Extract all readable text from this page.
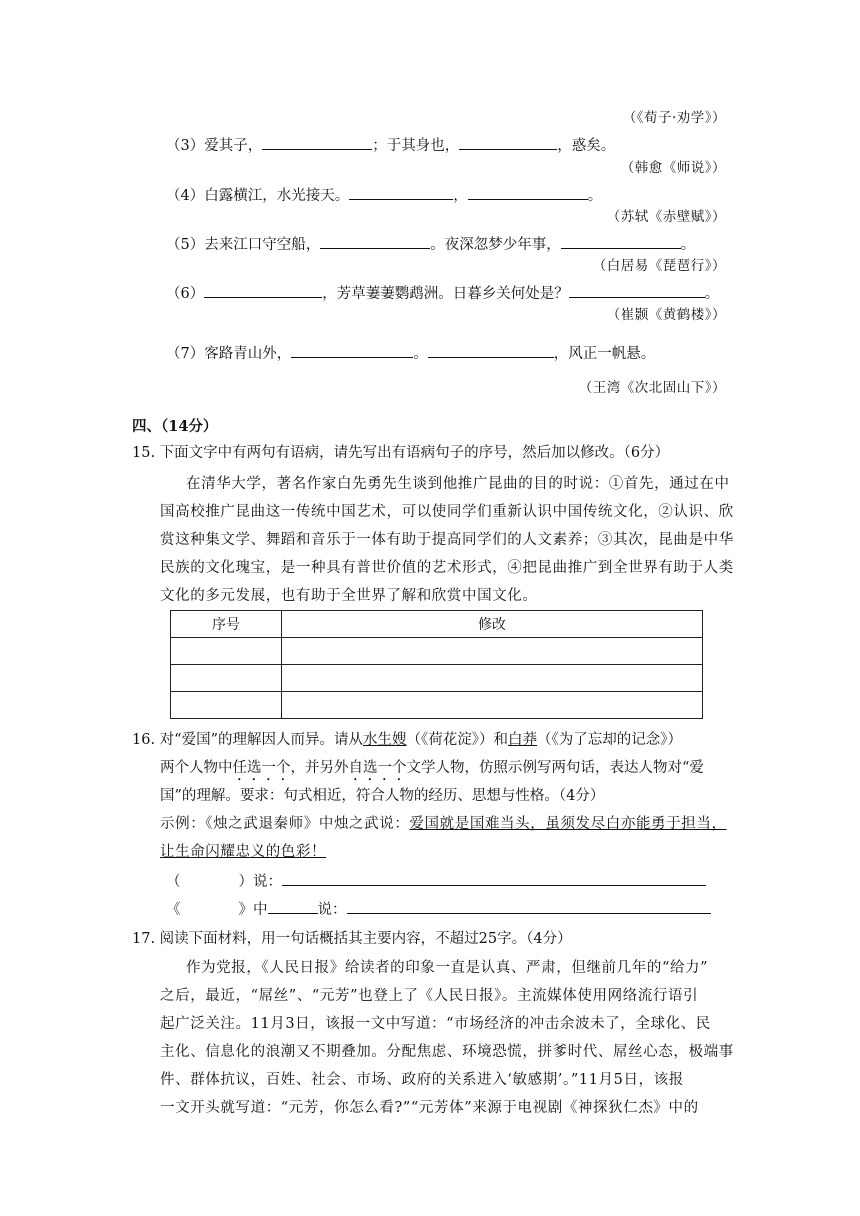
（《荀子·劝学》）
（3）爱其子，	；于其身也，	，惑矣。
（韩愈《师说》）
（4）白露横江，水光接天。	，	。
（苏轼《赤壁赋》）
（5）去来江口守空船，	。夜深忽梦少年事，	。
（白居易《琵琶行》）
（6）	，芳草萋萋鹦鹉洲。日暮乡关何处是？	。
（崔颢《黄鹤楼》）
（7）客路青山外，	。	，风正一帆悬。
（王湾《次北固山下》）
四、（14分）
15. 下面文字中有两句有语病，请先写出有语病句子的序号，然后加以修改。（6分）
在清华大学，著名作家白先勇先生谈到他推广昆曲的目的时说：①首先，通过在中
国高校推广昆曲这一传统中国艺术，可以使同学们重新认识中国传统文化，②认识、欣
赏这种集文学、舞蹈和音乐于一体有助于提高同学们的人文素养；③其次，昆曲是中华
民族的文化瑰宝，是一种具有普世价值的艺术形式，④把昆曲推广到全世界有助于人类
文化的多元发展，也有助于全世界了解和欣赏中国文化。
序号	修改

16. 对“爱国”的理解因人而异。请从水生嫂（《荷花淀》）和白莽（《为了忘却的记念》）
两个人物中任选一个，并另外自选一个文学人物，仿照示例写两句话，表达人物对“爱
国”的理解。要求：句式相近，符合人物的经历、思想与性格。（4分）
示例：《烛之武退秦师》中烛之武说：爱国就是国难当头，虽须发尽白亦能勇于担当，
让生命闪耀忠义的色彩！
（	）说：
《	》中	说：
17. 阅读下面材料，用一句话概括其主要内容，不超过25字。（4分）
作为党报，《人民日报》给读者的印象一直是认真、严肃，但继前几年的“给力”
之后，最近，“屌丝”、“元芳”也登上了《人民日报》。主流媒体使用网络流行语引
起广泛关注。11月3日，该报一文中写道：“市场经济的冲击余波未了，全球化、民
主化、信息化的浪潮又不期叠加。分配焦虑、环境恐慌，拼爹时代、屌丝心态，极端事
件、群体抗议，百姓、社会、市场、政府的关系进入‘敏感期’。”11月5日，该报
一文开头就写道：“元芳，你怎么看?”“元芳体”来源于电视剧《神探狄仁杰》中的
